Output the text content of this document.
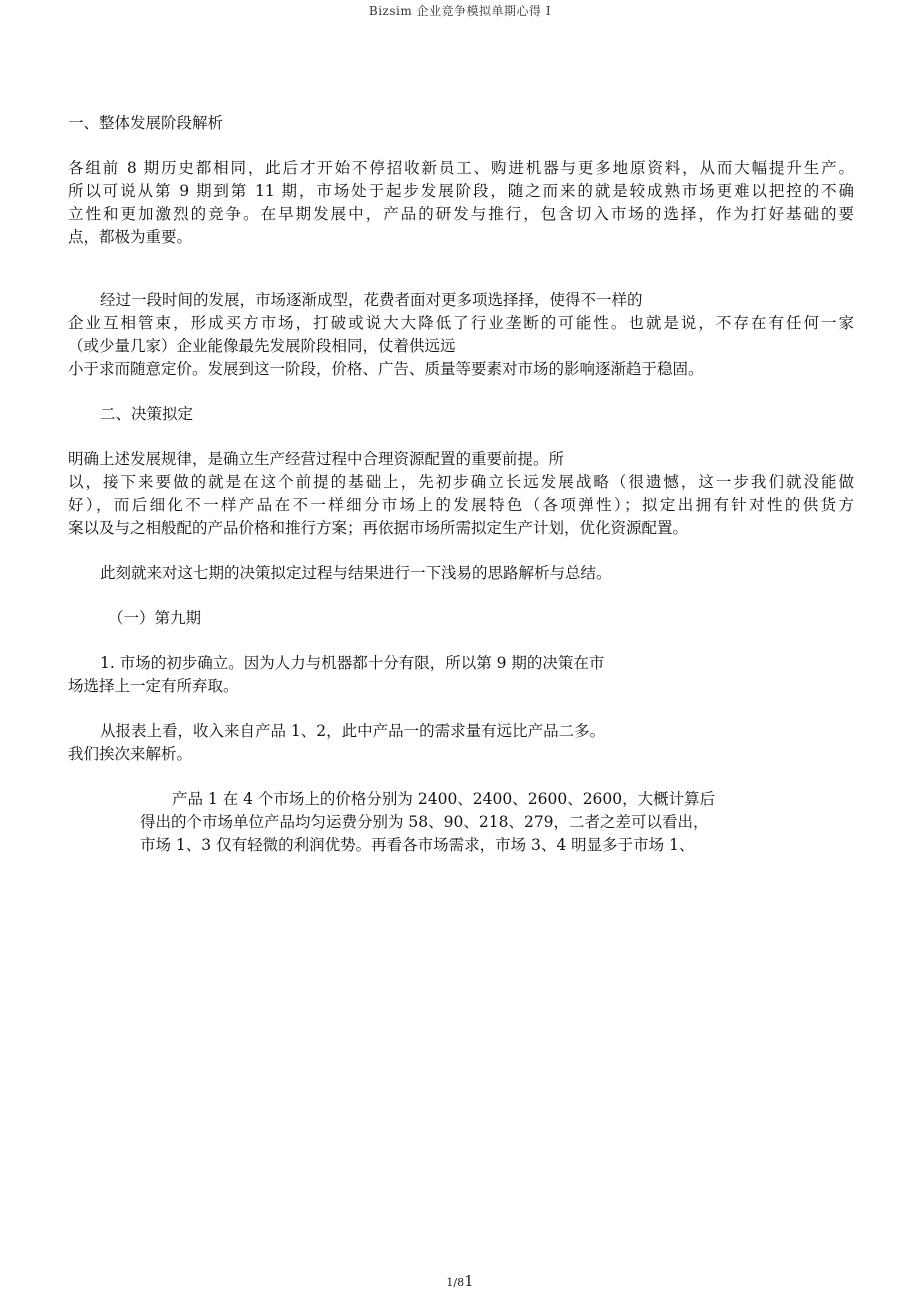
Bizsim 企业竞争模拟单期心得 I
一、整体发展阶段解析
各组前 8 期历史都相同，此后才开始不停招收新员工、购进机器与更多地原资料，从而大幅提升生产。
所以可说从第 9 期到第 11 期，市场处于起步发展阶段，随之而来的就是较成熟市场更难以把控的不确
立性和更加激烈的竞争。在早期发展中，产品的研发与推行，包含切入市场的选择，作为打好基础的要
点，都极为重要。
经过一段时间的发展，市场逐渐成型，花费者面对更多项选择择，使得不一样的
企业互相管束，形成买方市场，打破或说大大降低了行业垄断的可能性。也就是说，不存在有任何一家
（或少量几家）企业能像最先发展阶段相同，仗着供远远
小于求而随意定价。发展到这一阶段，价格、广告、质量等要素对市场的影响逐渐趋于稳固。
二、决策拟定
明确上述发展规律，是确立生产经营过程中合理资源配置的重要前提。所
以，接下来要做的就是在这个前提的基础上，先初步确立长远发展战略（很遗憾，这一步我们就没能做
好），而后细化不一样产品在不一样细分市场上的发展特色（各项弹性）；拟定出拥有针对性的供货方
案以及与之相般配的产品价格和推行方案；再依据市场所需拟定生产计划，优化资源配置。
此刻就来对这七期的决策拟定过程与结果进行一下浅易的思路解析与总结。
（一）第九期
1. 市场的初步确立。因为人力与机器都十分有限，所以第 9 期的决策在市
场选择上一定有所弃取。
从报表上看，收入来自产品 1、2，此中产品一的需求量有远比产品二多。
我们挨次来解析。
产品 1 在 4 个市场上的价格分别为 2400、2400、2600、2600，大概计算后
得出的个市场单位产品均匀运费分别为 58、90、218、279，二者之差可以看出，
市场 1、3 仅有轻微的利润优势。再看各市场需求，市场 3、4 明显多于市场 1、
1/81
